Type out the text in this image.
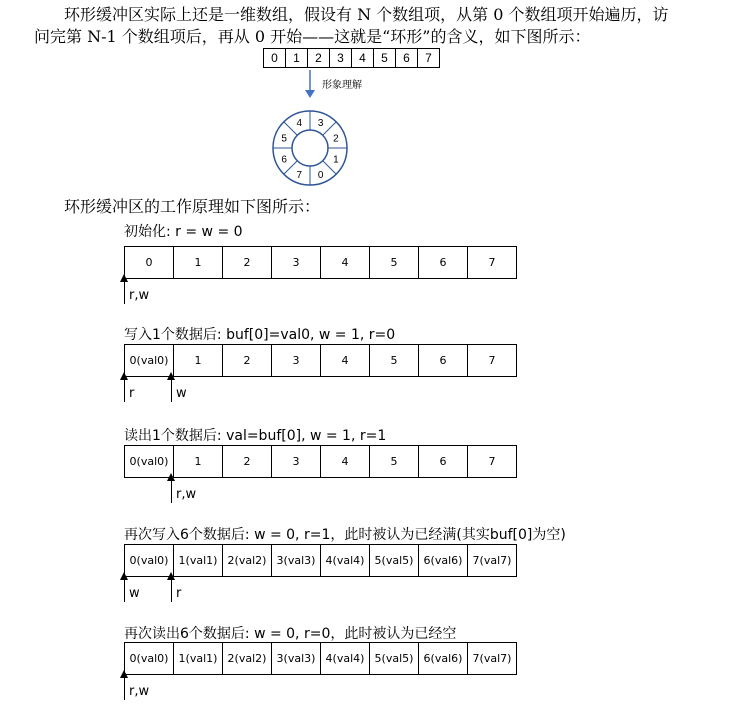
环形缓冲区实际上还是一维数组，假设有 N 个数组项，从第 0 个数组项开始遍历，访
问完第 N-1 个数组项后，再从 0 开始——这就是“环形”的含义，如下图所示：
0	1	2	3	4	5	6	7
形象理解
3
2
1
0
7
6
5
4
环形缓冲区的工作原理如下图所示：
初始化: r = w = 0
0	1	2	3	4	5	6	7
r,w
写入1个数据后: buf[0]=val0, w = 1, r=0
0(val0)	1	2	3	4	5	6	7
r	w
读出1个数据后: val=buf[0], w = 1, r=1
0(val0)	1	2	3	4	5	6	7
r,w
再次写入6个数据后: w = 0, r=1，此时被认为已经满(其实buf[0]为空)
0(val0) 1(val1) 2(val2) 3(val3) 4(val4) 5(val5) 6(val6) 7(val7)
w	r
再次读出6个数据后: w = 0, r=0，此时被认为已经空
0(val0) 1(val1) 2(val2) 3(val3) 4(val4) 5(val5) 6(val6) 7(val7)
r,w
